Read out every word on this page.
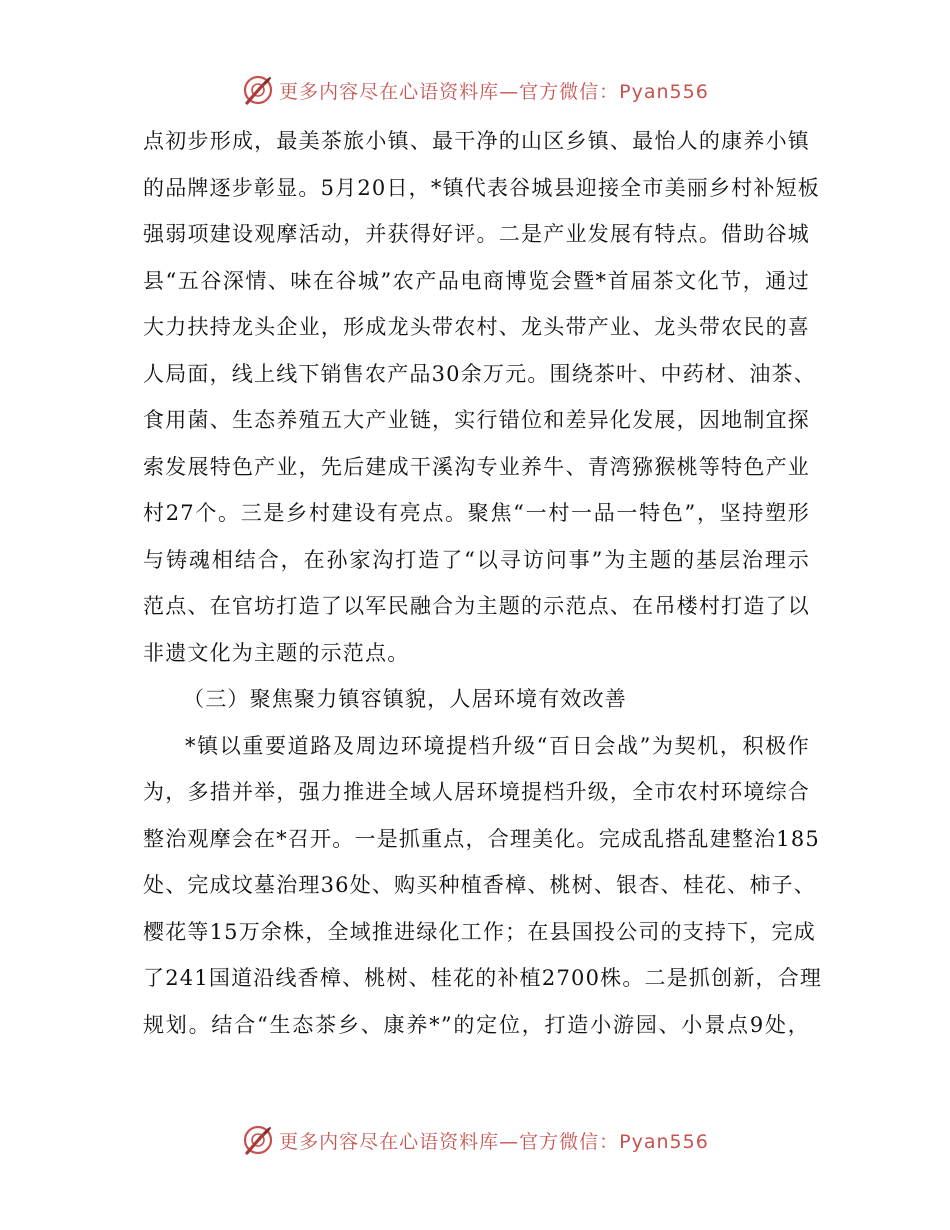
更多内容尽在心语资料库—官方微信：Pyan556
点初步形成，最美茶旅小镇、最干净的山区乡镇、最怡人的康养小镇
的品牌逐步彰显。5月20日，*镇代表谷城县迎接全市美丽乡村补短板
强弱项建设观摩活动，并获得好评。二是产业发展有特点。借助谷城
县“五谷深情、味在谷城”农产品电商博览会暨*首届茶文化节，通过
大力扶持龙头企业，形成龙头带农村、龙头带产业、龙头带农民的喜
人局面，线上线下销售农产品30余万元。围绕茶叶、中药材、油茶、
食用菌、生态养殖五大产业链，实行错位和差异化发展，因地制宜探
索发展特色产业，先后建成干溪沟专业养牛、青湾猕猴桃等特色产业
村27个。三是乡村建设有亮点。聚焦“一村一品一特色”，坚持塑形
与铸魂相结合，在孙家沟打造了“以寻访问事”为主题的基层治理示
范点、在官坊打造了以军民融合为主题的示范点、在吊楼村打造了以
非遗文化为主题的示范点。
（三）聚焦聚力镇容镇貌，人居环境有效改善
*镇以重要道路及周边环境提档升级“百日会战”为契机，积极作
为，多措并举，强力推进全域人居环境提档升级，全市农村环境综合
整治观摩会在*召开。一是抓重点，合理美化。完成乱搭乱建整治185
处、完成坟墓治理36处、购买种植香樟、桃树、银杏、桂花、柿子、
樱花等15万余株，全域推进绿化工作；在县国投公司的支持下，完成
了241国道沿线香樟、桃树、桂花的补植2700株。二是抓创新，合理
规划。结合“生态茶乡、康养*”的定位，打造小游园、小景点9处，
更多内容尽在心语资料库—官方微信：Pyan556
